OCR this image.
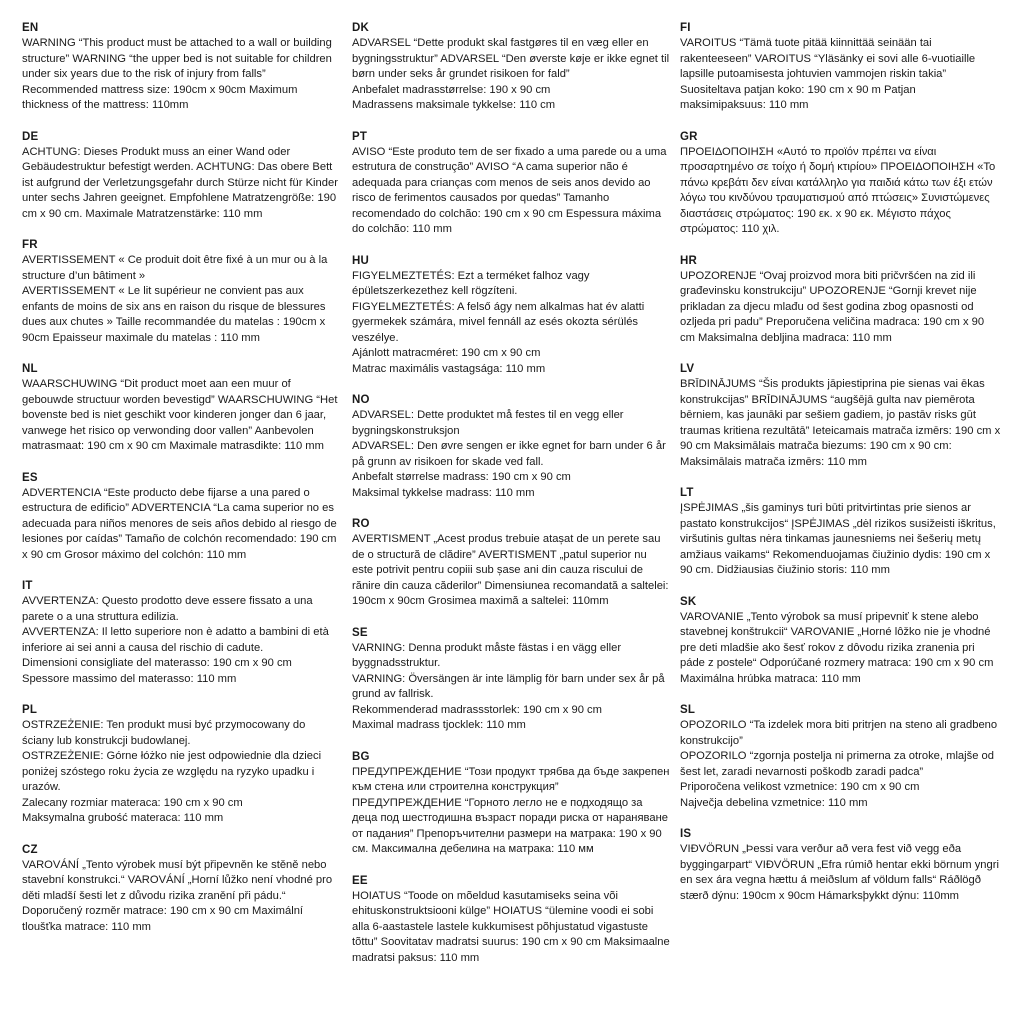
EN
WARNING “This product must be attached to a wall or building structure” WARNING “the upper bed is not suitable for children under six years due to the risk of injury from falls” Recommended mattress size: 190cm x 90cm Maximum thickness of the mattress: 110mm
DE
ACHTUNG: Dieses Produkt muss an einer Wand oder Gebäudestruktur befestigt werden. ACHTUNG: Das obere Bett ist aufgrund der Verletzungsgefahr durch Stürze nicht für Kinder unter sechs Jahren geeignet. Empfohlene Matratzengröße: 190 cm x 90 cm. Maximale Matratzenstärke: 110 mm
FR
AVERTISSEMENT « Ce produit doit être fixé à un mur ou à la structure d’un bâtiment »
AVERTISSEMENT « Le lit supérieur ne convient pas aux enfants de moins de six ans en raison du risque de blessures dues aux chutes » Taille recommandée du matelas : 190cm x 90cm Epaisseur maximale du matelas : 110 mm
NL
WAARSCHUWING “Dit product moet aan een muur of gebouwde structuur worden bevestigd” WAARSCHUWING “Het bovenste bed is niet geschikt voor kinderen jonger dan 6 jaar, vanwege het risico op verwonding door vallen” Aanbevolen matrasmaat: 190 cm x 90 cm Maximale matrasdikte: 110 mm
ES
ADVERTENCIA “Este producto debe fijarse a una pared o estructura de edificio” ADVERTENCIA “La cama superior no es adecuada para niños menores de seis años debido al riesgo de lesiones por caídas” Tamaño de colchón recomendado: 190 cm x 90 cm Grosor máximo del colchón: 110 mm
IT
AVVERTENZA: Questo prodotto deve essere fissato a una parete o a una struttura edilizia.
AVVERTENZA: Il letto superiore non è adatto a bambini di età inferiore ai sei anni a causa del rischio di cadute.
Dimensioni consigliate del materasso: 190 cm x 90 cm
Spessore massimo del materasso: 110 mm
PL
OSTRZEŻENIE: Ten produkt musi być przymocowany do ściany lub konstrukcji budowlanej.
OSTRZEŻENIE: Górne łóżko nie jest odpowiednie dla dzieci poniżej szóstego roku życia ze względu na ryzyko upadku i urazów.
Zalecany rozmiar materaca: 190 cm x 90 cm
Maksymalna grubość materaca: 110 mm
CZ
VAROVÁNÍ „Tento výrobek musí být připevněn ke stěně nebo stavební konstrukci.“ VAROVÁNÍ „Horní lůžko není vhodné pro děti mladší šesti let z důvodu rizika zranění při pádu.“ Doporučený rozměr matrace: 190 cm x 90 cm Maximální tloušťka matrace: 110 mm
DK
ADVARSEL “Dette produkt skal fastgøres til en væg eller en bygningsstruktur” ADVARSEL “Den øverste køje er ikke egnet til børn under seks år grundet risikoen for fald”
Anbefalet madrasstørrelse: 190 x 90 cm
Madrassens maksimale tykkelse: 110 cm
PT
AVISO “Este produto tem de ser fixado a uma parede ou a uma estrutura de construção” AVISO “A cama superior não é adequada para crianças com menos de seis anos devido ao risco de ferimentos causados por quedas” Tamanho recomendado do colchão: 190 cm x 90 cm Espessura máxima do colchão: 110 mm
HU
FIGYELMEZTETÉS: Ezt a terméket falhoz vagy épületszerkezethez kell rögzíteni.
FIGYELMEZTETÉS: A felső ágy nem alkalmas hat év alatti gyermekek számára, mivel fennáll az esés okozta sérülés veszélye.
Ajánlott matracméret: 190 cm x 90 cm
Matrac maximális vastagsága: 110 mm
NO
ADVARSEL: Dette produktet må festes til en vegg eller bygningskonstruksjon
ADVARSEL: Den øvre sengen er ikke egnet for barn under 6 år på grunn av risikoen for skade ved fall.
Anbefalt størrelse madrass: 190 cm x 90 cm
Maksimal tykkelse madrass: 110 mm
RO
AVERTISMENT „Acest produs trebuie atașat de un perete sau de o structură de clădire” AVERTISMENT „patul superior nu este potrivit pentru copiii sub șase ani din cauza riscului de rănire din cauza căderilor” Dimensiunea recomandată a saltelei: 190cm x 90cm Grosimea maximă a saltelei: 110mm
SE
VARNING: Denna produkt måste fästas i en vägg eller byggnadsstruktur.
VARNING: Översängen är inte lämplig för barn under sex år på grund av fallrisk.
Rekommenderad madrassstorlek: 190 cm x 90 cm
Maximal madrass tjocklek: 110 mm
BG
ПРЕДУПРЕЖДЕНИЕ “Този продукт трябва да бъде закрепен към стена или строителна конструкция”
ПРЕДУПРЕЖДЕНИЕ “Горното легло не е подходящо за деца под шестгодишна възраст поради риска от нараняване от падания” Препоръчителни размери на матрака: 190 x 90 см. Максимална дебелина на матрака: 110 мм
EE
HOIATUS “Toode on mõeldud kasutamiseks seina või ehituskonstruktsiooni külge” HOIATUS “ülemine voodi ei sobi alla 6-aastastele lastele kukkumisest põhjustatud vigastuste tõttu” Soovitatav madratsi suurus: 190 cm x 90 cm Maksimaalne madratsi paksus: 110 mm
FI
VAROITUS “Tämä tuote pitää kiinnittää seinään tai rakenteeseen” VAROITUS “Yläsänky ei sovi alle 6-vuotiaille lapsille putoamisesta johtuvien vammojen riskin takia” Suositeltava patjan koko: 190 cm x 90 m Patjan maksimipaksuus: 110 mm
GR
ΠΡΟΕΙΔΟΠΟΙΗΣΗ «Αυτό το προϊόν πρέπει να είναι προσαρτημένο σε τοίχο ή δομή κτιρίου» ΠΡΟΕΙΔΟΠΟΙΗΣΗ «Το πάνω κρεβάτι δεν είναι κατάλληλο για παιδιά κάτω των έξι ετών λόγω του κινδύνου τραυματισμού από πτώσεις» Συνιστώμενες διαστάσεις στρώματος: 190 εκ. x 90 εκ. Μέγιστο πάχος στρώματος: 110 χιλ.
HR
UPOZORENJE “Ovaj proizvod mora biti pričvršćen na zid ili građevinsku konstrukciju” UPOZORENJE “Gornji krevet nije prikladan za djecu mlađu od šest godina zbog opasnosti od ozljeda pri padu” Preporučena veličina madraca: 190 cm x 90 cm Maksimalna debljina madraca: 110 mm
LV
BRĪDINĀJUMS “Šis produkts jāpiestiprina pie sienas vai ēkas konstrukcijas” BRĪDINĀJUMS “augšējā gulta nav piemērota bērniem, kas jaunāki par sešiem gadiem, jo pastāv risks gūt traumas kritiena rezultātā” Ieteicamais matrača izmērs: 190 cm x 90 cm Maksimālais matrača biezums: 190 cm x 90 cm: Maksimālais matrača izmērs: 110 mm
LT
ĮSPĖJIMAS „šis gaminys turi būti pritvirtintas prie sienos ar pastato konstrukcijos“ ĮSPĖJIMAS „dėl rizikos susižeisti iškritus, viršutinis gultas nėra tinkamas jaunesniems nei šešerių metų amžiaus vaikams“ Rekomenduojamas čiužinio dydis: 190 cm x 90 cm. Didžiausias čiužinio storis: 110 mm
SK
VAROVANIE „Tento výrobok sa musí pripevniť k stene alebo stavebnej konštrukcii“ VAROVANIE „Horné lôžko nie je vhodné pre deti mladšie ako šesť rokov z dôvodu rizika zranenia pri páde z postele“ Odporúčané rozmery matraca: 190 cm x 90 cm Maximálna hrúbka matraca: 110 mm
SL
OPOZORILO “Ta izdelek mora biti pritrjen na steno ali gradbeno konstrukcijo”
OPOZORILO “zgornja postelja ni primerna za otroke, mlajše od šest let, zaradi nevarnosti poškodb zaradi padca”
Priporočena velikost vzmetnice: 190 cm x 90 cm
Največja debelina vzmetnice: 110 mm
IS
VIÐVÖRUN „Þessi vara verður að vera fest við vegg eða byggingarpart“ VIÐVÖRUN „Efra rúmið hentar ekki börnum yngri en sex ára vegna hættu á meiðslum af völdum falls“ Ráðlögð stærð dýnu: 190cm x 90cm Hámarksþykkt dýnu: 110mm
